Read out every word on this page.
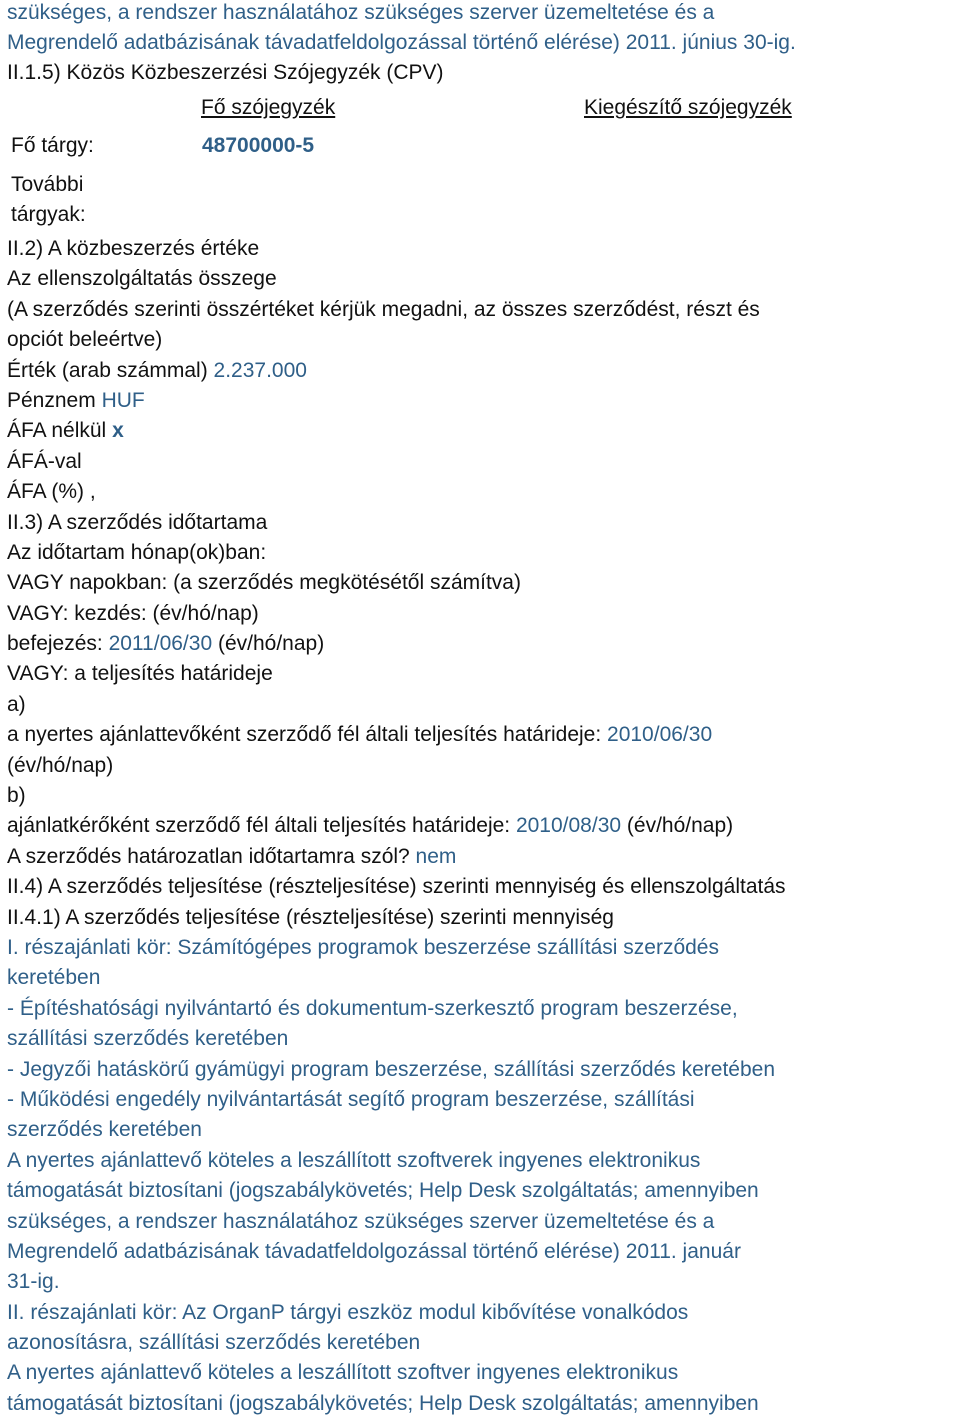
szükséges, a rendszer használatához szükséges szerver üzemeltetése és a
Megrendelő adatbázisának távadatfeldolgozással történő elérése) 2011. június 30-ig.
II.1.5) Közös Közbeszerzési Szójegyzék (CPV)
Fő szójegyzék	Kiegészítő szójegyzék
Fő tárgy:	48700000-5
További
tárgyak:
II.2) A közbeszerzés értéke
Az ellenszolgáltatás összege
(A szerződés szerinti összértéket kérjük megadni, az összes szerződést, részt és
opciót beleértve)
Érték (arab számmal) 2.237.000
Pénznem HUF
ÁFA nélkül x
ÁFÁ-val
ÁFA (%) ,
II.3) A szerződés időtartama
Az időtartam hónap(ok)ban:
VAGY napokban: (a szerződés megkötésétől számítva)
VAGY: kezdés: (év/hó/nap)
befejezés: 2011/06/30 (év/hó/nap)
VAGY: a teljesítés határideje
a)
a nyertes ajánlattevőként szerződő fél általi teljesítés határideje: 2010/06/30
(év/hó/nap)
b)
ajánlatkérőként szerződő fél általi teljesítés határideje: 2010/08/30 (év/hó/nap)
A szerződés határozatlan időtartamra szól? nem
II.4) A szerződés teljesítése (részteljesítése) szerinti mennyiség és ellenszolgáltatás
II.4.1) A szerződés teljesítése (részteljesítése) szerinti mennyiség
I. részajánlati kör: Számítógépes programok beszerzése szállítási szerződés
keretében
- Építéshatósági nyilvántartó és dokumentum-szerkesztő program beszerzése,
szállítási szerződés keretében
- Jegyzői hatáskörű gyámügyi program beszerzése, szállítási szerződés keretében
- Működési engedély nyilvántartását segítő program beszerzése, szállítási
szerződés keretében
A nyertes ajánlattevő köteles a leszállított szoftverek ingyenes elektronikus
támogatását biztosítani (jogszabálykövetés; Help Desk szolgáltatás; amennyiben
szükséges, a rendszer használatához szükséges szerver üzemeltetése és a
Megrendelő adatbázisának távadatfeldolgozással történő elérése) 2011. január
31-ig.
II. részajánlati kör: Az OrganP tárgyi eszköz modul kibővítése vonalkódos
azonosításra, szállítási szerződés keretében
A nyertes ajánlattevő köteles a leszállított szoftver ingyenes elektronikus
támogatását biztosítani (jogszabálykövetés; Help Desk szolgáltatás; amennyiben
